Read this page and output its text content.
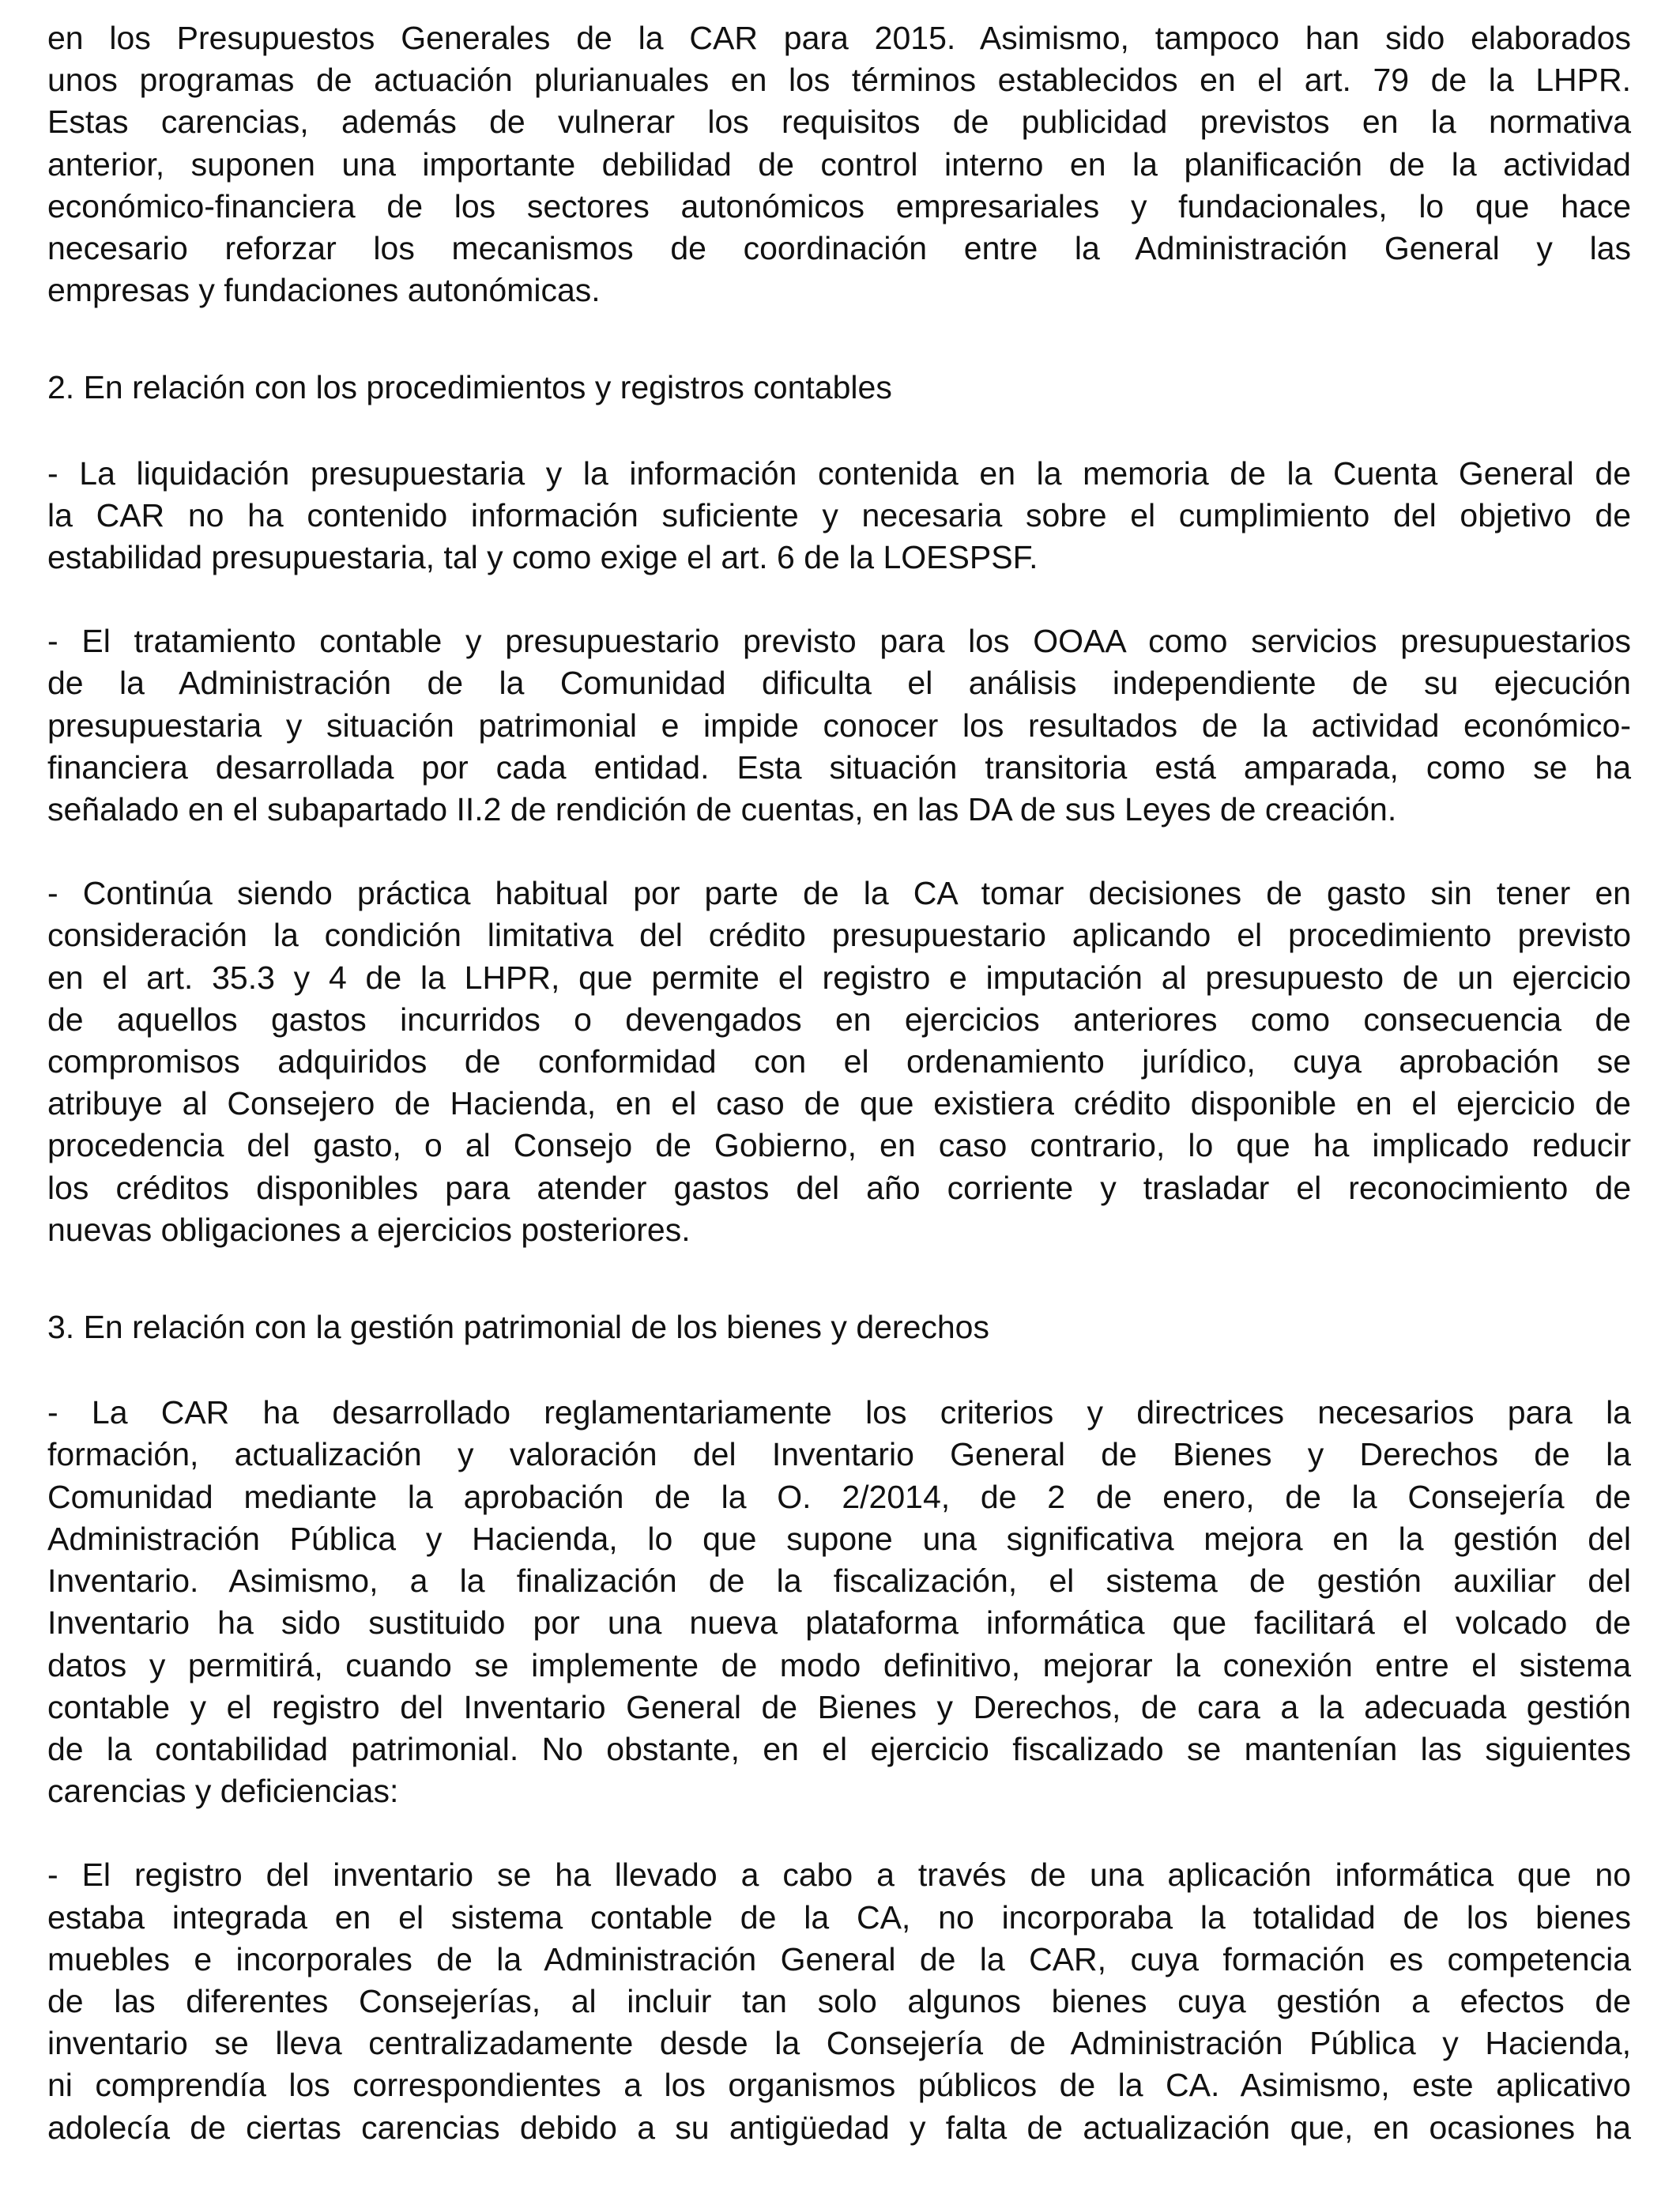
en los Presupuestos Generales de la CAR para 2015. Asimismo, tampoco han sido elaborados
unos programas de actuación plurianuales en los términos establecidos en el art. 79 de la LHPR.
Estas carencias, además de vulnerar los requisitos de publicidad previstos en la normativa
anterior, suponen una importante debilidad de control interno en la planificación de la actividad
económico-financiera de los sectores autonómicos empresariales y fundacionales, lo que hace
necesario reforzar los mecanismos de coordinación entre la Administración General y las
empresas y fundaciones autonómicas.

2. En relación con los procedimientos y registros contables

- La liquidación presupuestaria y la información contenida en la memoria de la Cuenta General de
la CAR no ha contenido información suficiente y necesaria sobre el cumplimiento del objetivo de
estabilidad presupuestaria, tal y como exige el art. 6 de la LOESPSF.

- El tratamiento contable y presupuestario previsto para los OOAA como servicios presupuestarios
de la Administración de la Comunidad dificulta el análisis independiente de su ejecución
presupuestaria y situación patrimonial e impide conocer los resultados de la actividad económico-
financiera desarrollada por cada entidad. Esta situación transitoria está amparada, como se ha
señalado en el subapartado II.2 de rendición de cuentas, en las DA de sus Leyes de creación.

- Continúa siendo práctica habitual por parte de la CA tomar decisiones de gasto sin tener en
consideración la condición limitativa del crédito presupuestario aplicando el procedimiento previsto
en el art. 35.3 y 4 de la LHPR, que permite el registro e imputación al presupuesto de un ejercicio
de aquellos gastos incurridos o devengados en ejercicios anteriores como consecuencia de
compromisos adquiridos de conformidad con el ordenamiento jurídico, cuya aprobación se
atribuye al Consejero de Hacienda, en el caso de que existiera crédito disponible en el ejercicio de
procedencia del gasto, o al Consejo de Gobierno, en caso contrario, lo que ha implicado reducir
los créditos disponibles para atender gastos del año corriente y trasladar el reconocimiento de
nuevas obligaciones a ejercicios posteriores.

3. En relación con la gestión patrimonial de los bienes y derechos

- La CAR ha desarrollado reglamentariamente los criterios y directrices necesarios para la
formación, actualización y valoración del Inventario General de Bienes y Derechos de la
Comunidad mediante la aprobación de la O. 2/2014, de 2 de enero, de la Consejería de
Administración Pública y Hacienda, lo que supone una significativa mejora en la gestión del
Inventario. Asimismo, a la finalización de la fiscalización, el sistema de gestión auxiliar del
Inventario ha sido sustituido por una nueva plataforma informática que facilitará el volcado de
datos y permitirá, cuando se implemente de modo definitivo, mejorar la conexión entre el sistema
contable y el registro del Inventario General de Bienes y Derechos, de cara a la adecuada gestión
de la contabilidad patrimonial. No obstante, en el ejercicio fiscalizado se mantenían las siguientes
carencias y deficiencias:

- El registro del inventario se ha llevado a cabo a través de una aplicación informática que no
estaba integrada en el sistema contable de la CA, no incorporaba la totalidad de los bienes
muebles e incorporales de la Administración General de la CAR, cuya formación es competencia
de las diferentes Consejerías, al incluir tan solo algunos bienes cuya gestión a efectos de
inventario se lleva centralizadamente desde la Consejería de Administración Pública y Hacienda,
ni comprendía los correspondientes a los organismos públicos de la CA. Asimismo, este aplicativo
adolecía de ciertas carencias debido a su antigüedad y falta de actualización que, en ocasiones ha
